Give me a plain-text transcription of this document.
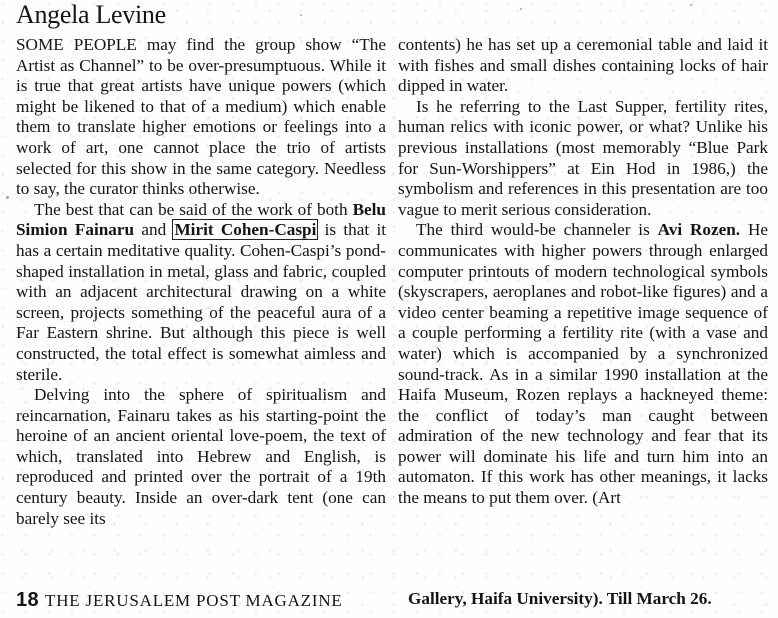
Angela Levine

SOME PEOPLE may find the group show “The Artist as Channel” to be over-presumptuous. While it is true that great artists have unique powers (which might be likened to that of a medium) which enable them to translate higher emotions or feelings into a work of art, one cannot place the trio of artists selected for this show in the same category. Needless to say, the curator thinks otherwise.

The best that can be said of the work of both Belu Simion Fainaru and Mirit Cohen-Caspi is that it has a certain meditative quality. Cohen-Caspi’s pond-shaped installation in metal, glass and fabric, coupled with an adjacent architectural drawing on a white screen, projects something of the peaceful aura of a Far Eastern shrine. But although this piece is well constructed, the total effect is somewhat aimless and sterile.

Delving into the sphere of spiritualism and reincarnation, Fainaru takes as his starting-point the heroine of an ancient oriental love-poem, the text of which, translated into Hebrew and English, is reproduced and printed over the portrait of a 19th century beauty. Inside an over-dark tent (one can barely see its

contents) he has set up a ceremonial table and laid it with fishes and small dishes containing locks of hair dipped in water.

Is he referring to the Last Supper, fertility rites, human relics with iconic power, or what? Unlike his previous installations (most memorably “Blue Park for Sun-Worshippers” at Ein Hod in 1986,) the symbolism and references in this presentation are too vague to merit serious consideration.

The third would-be channeler is Avi Rozen. He communicates with higher powers through enlarged computer printouts of modern technological symbols (skyscrapers, aeroplanes and robot-like figures) and a video center beaming a repetitive image sequence of a couple performing a fertility rite (with a vase and water) which is accompanied by a synchronized sound-track. As in a similar 1990 installation at the Haifa Museum, Rozen replays a hackneyed theme: the conflict of today’s man caught between admiration of the new technology and fear that its power will dominate his life and turn him into an automaton. If this work has other meanings, it lacks the means to put them over. (Art

18 THE JERUSALEM POST MAGAZINE	Gallery, Haifa University). Till March 26.
